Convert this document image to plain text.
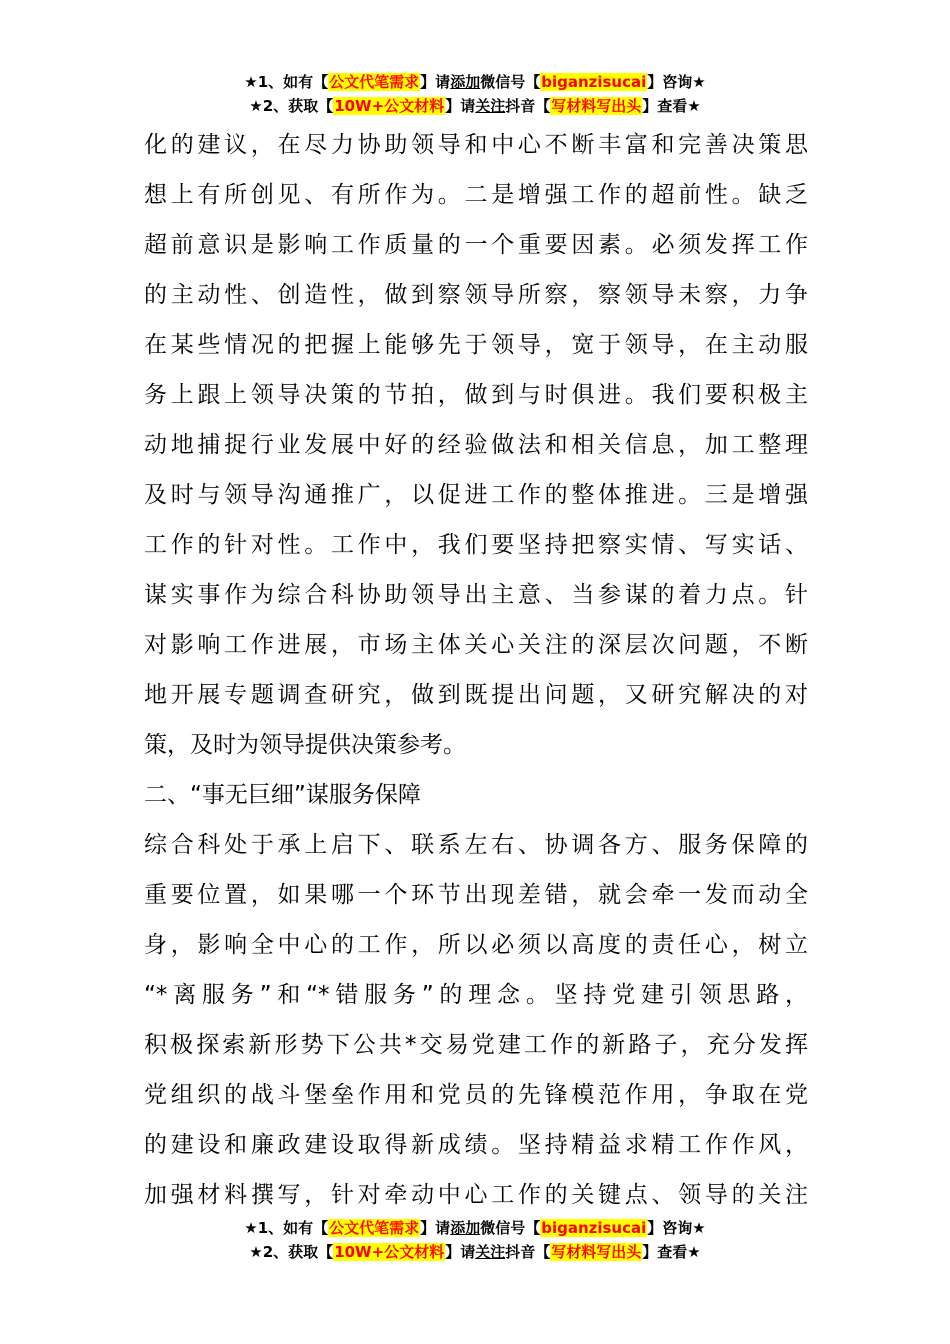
★1、如有【公文代笔需求】请添加微信号【biganzisucai】咨询★
★2、获取【10W+公文材料】请关注抖音【写材料写出头】查看★
化的建议，在尽力协助领导和中心不断丰富和完善决策思
想上有所创见、有所作为。二是增强工作的超前性。缺乏
超前意识是影响工作质量的一个重要因素。必须发挥工作
的主动性、创造性，做到察领导所察，察领导未察，力争
在某些情况的把握上能够先于领导，宽于领导，在主动服
务上跟上领导决策的节拍，做到与时俱进。我们要积极主
动地捕捉行业发展中好的经验做法和相关信息，加工整理
及时与领导沟通推广，以促进工作的整体推进。三是增强
工作的针对性。工作中，我们要坚持把察实情、写实话、
谋实事作为综合科协助领导出主意、当参谋的着力点。针
对影响工作进展，市场主体关心关注的深层次问题，不断
地开展专题调查研究，做到既提出问题，又研究解决的对
策，及时为领导提供决策参考。
二、“事无巨细”谋服务保障
综合科处于承上启下、联系左右、协调各方、服务保障的
重要位置，如果哪一个环节出现差错，就会牵一发而动全
身，影响全中心的工作，所以必须以高度的责任心，树立
“*离服务”和“*错服务”的理念。坚持党建引领思路，
积极探索新形势下公共*交易党建工作的新路子，充分发挥
党组织的战斗堡垒作用和党员的先锋模范作用，争取在党
的建设和廉政建设取得新成绩。坚持精益求精工作作风，
加强材料撰写，针对牵动中心工作的关键点、领导的关注
★1、如有【公文代笔需求】请添加微信号【biganzisucai】咨询★
★2、获取【10W+公文材料】请关注抖音【写材料写出头】查看★
